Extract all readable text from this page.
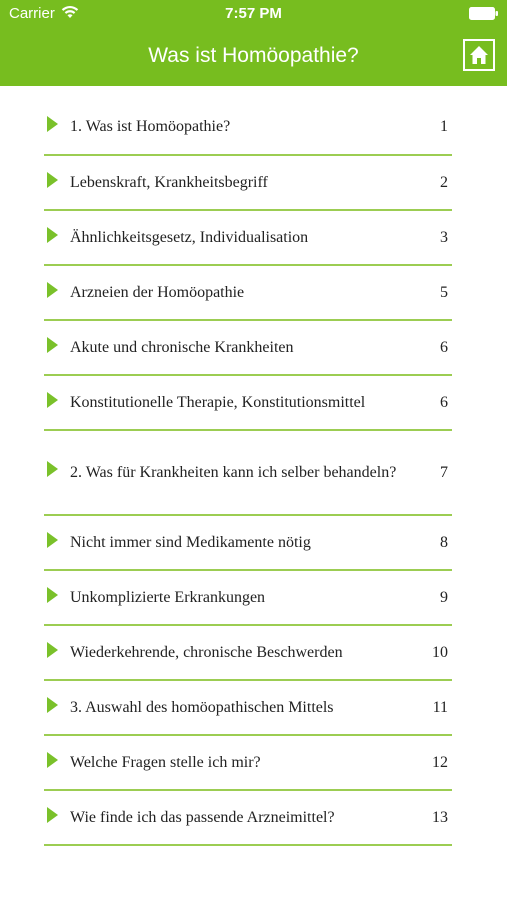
Carrier	7:57 PM
Was ist Homöopathie?
1. Was ist Homöopathie?	1
Lebenskraft, Krankheitsbegriff	2
Ähnlichkeitsgesetz, Individualisation	3
Arzneien der Homöopathie	5
Akute und chronische Krankheiten	6
Konstitutionelle Therapie, Konstitutionsmittel	6
2. Was für Krankheiten kann ich selber behandeln?	7
Nicht immer sind Medikamente nötig	8
Unkomplizierte Erkrankungen	9
Wiederkehrende, chronische Beschwerden	10
3. Auswahl des homöopathischen Mittels	11
Welche Fragen stelle ich mir?	12
Wie finde ich das passende Arzneimittel?	13
